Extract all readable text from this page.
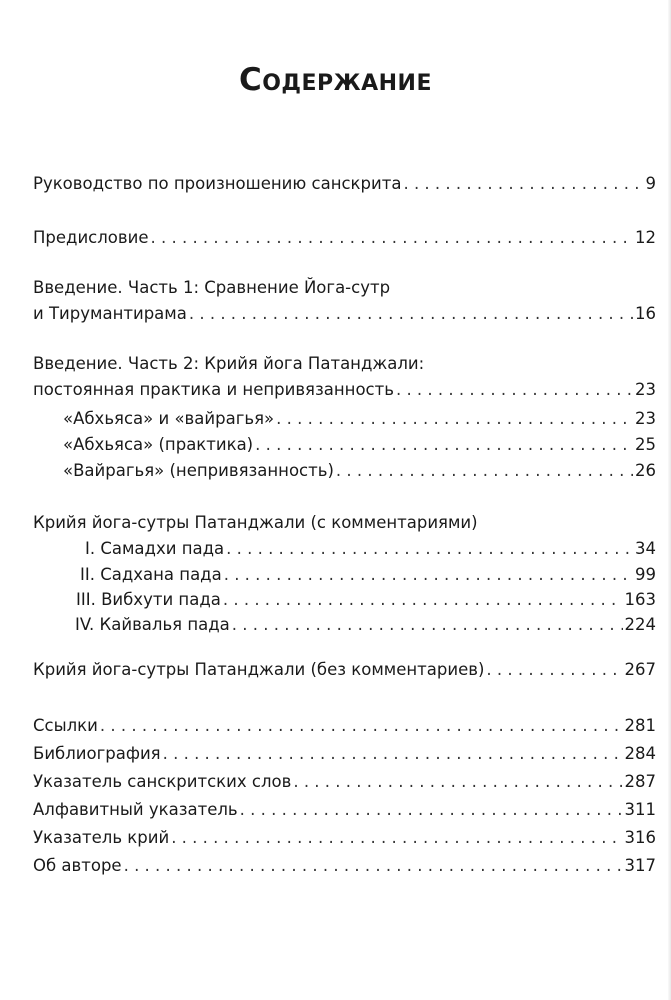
Содержание
Руководство по произношению санскрита . . .	9
Предисловие . . .	12
Введение. Часть 1: Сравнение Йога-сутр
и Тирумантирама . . .	16
Введение. Часть 2: Крийя йога Патанджали:
постоянная практика и непривязанность . . .	23
«Абхьяса» и «вайрагья» . . .	23
«Абхьяса» (практика) . . .	25
«Вайрагья» (непривязанность) . . .	26
Крийя йога-сутры Патанджали (с комментариями)
I. Самадхи пада . . .	34
II. Садхана пада . . .	99
III. Вибхути пада . . .	163
IV. Кайвалья пада . . .	224
Крийя йога-сутры Патанджали (без комментариев) . . .	267
Ссылки . . .	281
Библиография . . .	284
Указатель санскритских слов . . .	287
Алфавитный указатель . . .	311
Указатель крий . . .	316
Об авторе . . .	317
